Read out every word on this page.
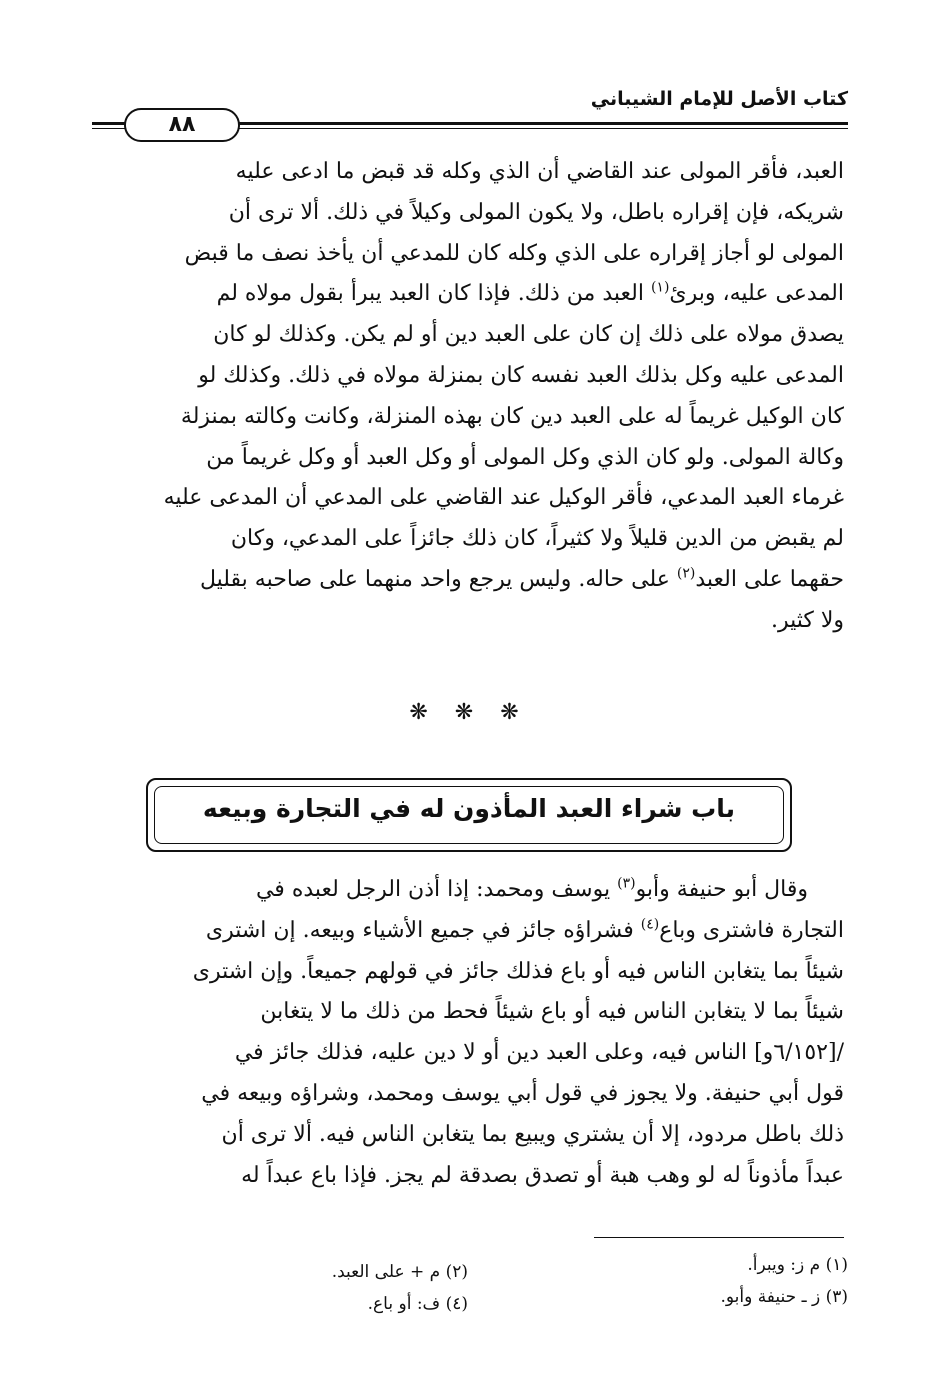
كتاب الأصل للإمام الشيباني
٨٨
العبد، فأقر المولى عند القاضي أن الذي وكله قد قبض ما ادعى عليه
شريكه، فإن إقراره باطل، ولا يكون المولى وكيلاً في ذلك. ألا ترى أن
المولى لو أجاز إقراره على الذي وكله كان للمدعي أن يأخذ نصف ما قبض
المدعى عليه، وبرئ$^{(١)}$ العبد من ذلك. فإذا كان العبد يبرأ بقول مولاه لم
يصدق مولاه على ذلك إن كان على العبد دين أو لم يكن. وكذلك لو كان
المدعى عليه وكل بذلك العبد نفسه كان بمنزلة مولاه في ذلك. وكذلك لو
كان الوكيل غريماً له على العبد دين كان بهذه المنزلة، وكانت وكالته بمنزلة
وكالة المولى. ولو كان الذي وكل المولى أو وكل العبد أو وكل غريماً من
غرماء العبد المدعي، فأقر الوكيل عند القاضي على المدعي أن المدعى عليه
لم يقبض من الدين قليلاً ولا كثيراً، كان ذلك جائزاً على المدعي، وكان
حقهما على العبد$^{(٢)}$ على حاله. وليس يرجع واحد منهما على صاحبه بقليل
ولا كثير.
❋ ❋ ❋
باب شراء العبد المأذون له في التجارة وبيعه
وقال أبو حنيفة وأبو$^{(٣)}$ يوسف ومحمد: إذا أذن الرجل لعبده في
التجارة فاشترى وباع$^{(٤)}$ فشراؤه جائز في جميع الأشياء وبيعه. إن اشترى
شيئاً بما يتغابن الناس فيه أو باع فذلك جائز في قولهم جميعاً. وإن اشترى
شيئاً بما لا يتغابن الناس فيه أو باع شيئاً فحط من ذلك ما لا يتغابن
/[٦/١٥٢و] الناس فيه، وعلى العبد دين أو لا دين عليه، فذلك جائز في
قول أبي حنيفة. ولا يجوز في قول أبي يوسف ومحمد، وشراؤه وبيعه في
ذلك باطل مردود، إلا أن يشتري ويبيع بما يتغابن الناس فيه. ألا ترى أن
عبداً مأذوناً له لو وهب هبة أو تصدق بصدقة لم يجز. فإذا باع عبداً له
(١) م ز: ويبرأ.
(٢) م + على العبد.
(٣) ز ـ حنيفة وأبو.
(٤) ف: أو باع.
